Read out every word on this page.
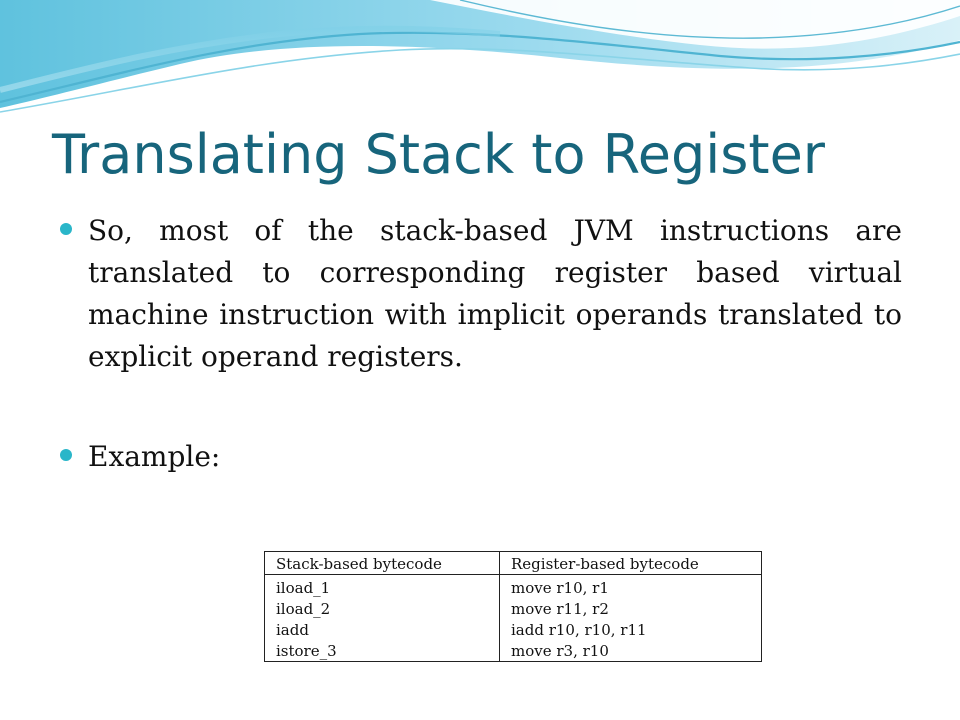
Translating Stack to Register
So, most of the stack-based JVM instructions are translated to corresponding register based virtual machine instruction with implicit operands translated to explicit operand registers.
Example:
Stack-based bytecode	Register-based bytecode
iload_1	move r10, r1
iload_2	move r11, r2
iadd	iadd r10, r10, r11
istore_3	move r3, r10
